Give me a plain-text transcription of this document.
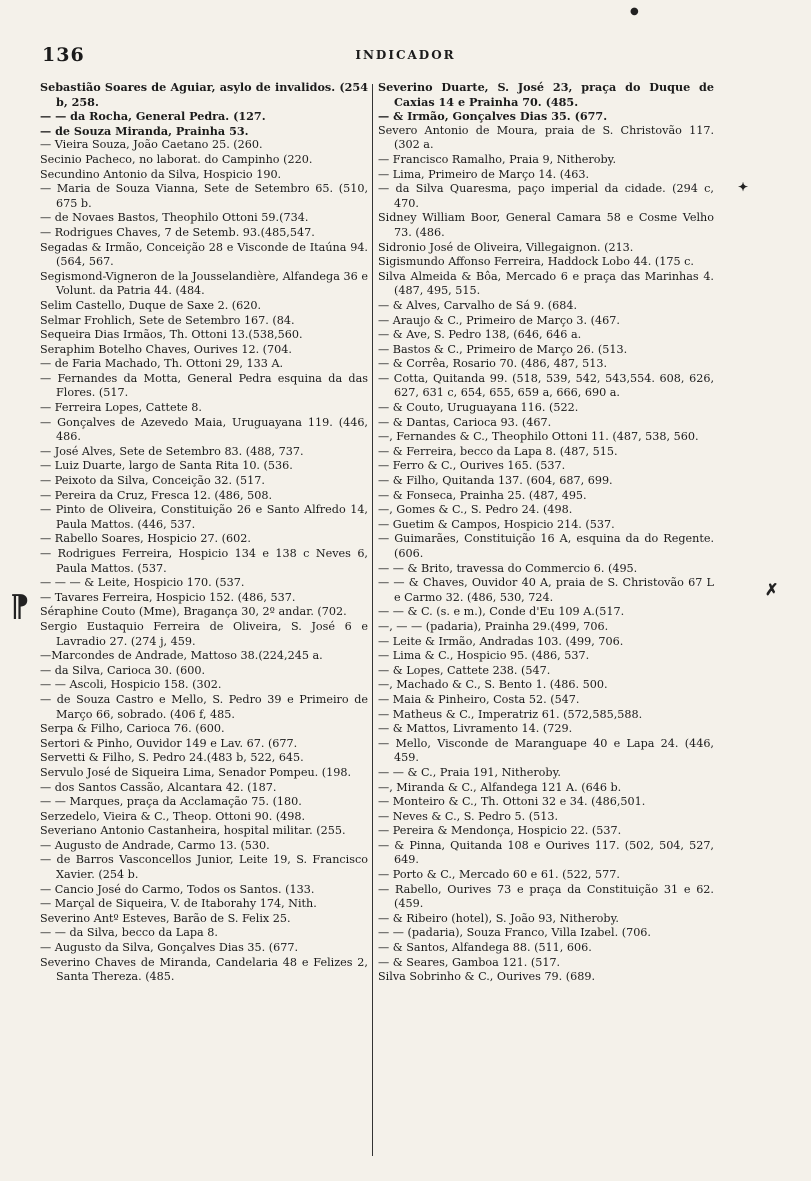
136	INDICADOR
●
✦
✗
⁋

Sebastião Soares de Aguiar, asylo de invalidos. (254 b, 258.

— — da Rocha, General Pedra. (127.

— de Souza Miranda, Prainha 53.

— Vieira Souza, João Caetano 25. (260.

Secinio Pacheco, no laborat. do Campinho (220.

Secundino Antonio da Silva, Hospicio 190.

— Maria de Souza Vianna, Sete de Setembro 65. (510, 675 b.

— de Novaes Bastos, Theophilo Ottoni 59.(734.

— Rodrigues Chaves, 7 de Setemb. 93.(485,547.

Segadas & Irmão, Conceição 28 e Visconde de Itaúna 94. (564, 567.

Segismond-Vigneron de la Jousselandière, Alfandega 36 e Volunt. da Patria 44. (484.

Selim Castello, Duque de Saxe 2. (620.

Selmar Frohlich, Sete de Setembro 167. (84.

Sequeira Dias Irmãos, Th. Ottoni 13.(538,560.

Seraphim Botelho Chaves, Ourives 12. (704.

— de Faria Machado, Th. Ottoni 29, 133 A.

— Fernandes da Motta, General Pedra esquina da das Flores. (517.

— Ferreira Lopes, Cattete 8.

— Gonçalves de Azevedo Maia, Uruguayana 119. (446, 486.

— José Alves, Sete de Setembro 83. (488, 737.

— Luiz Duarte, largo de Santa Rita 10. (536.

— Peixoto da Silva, Conceição 32. (517.

— Pereira da Cruz, Fresca 12. (486, 508.

— Pinto de Oliveira, Constituição 26 e Santo Alfredo 14, Paula Mattos. (446, 537.

— Rabello Soares, Hospicio 27. (602.

— Rodrigues Ferreira, Hospicio 134 e 138 c Neves 6, Paula Mattos. (537.

— — — & Leite, Hospicio 170. (537.

— Tavares Ferreira, Hospicio 152. (486, 537.

Séraphine Couto (Mme), Bragança 30, 2º andar. (702.

Sergio Eustaquio Ferreira de Oliveira, S. José 6 e Lavradio 27. (274 j, 459.

—Marcondes de Andrade, Mattoso 38.(224,245 a.

— da Silva, Carioca 30. (600.

— — Ascoli, Hospicio 158. (302.

— de Souza Castro e Mello, S. Pedro 39 e Primeiro de Março 66, sobrado. (406 f, 485.

Serpa & Filho, Carioca 76. (600.

Sertori & Pinho, Ouvidor 149 e Lav. 67. (677.

Servetti & Filho, S. Pedro 24.(483 b, 522, 645.

Servulo José de Siqueira Lima, Senador Pompeu. (198.

— dos Santos Cassão, Alcantara 42. (187.

— — Marques, praça da Acclamação 75. (180.

Serzedelo, Vieira & C., Theop. Ottoni 90. (498.

Severiano Antonio Castanheira, hospital militar. (255.

— Augusto de Andrade, Carmo 13. (530.

— de Barros Vasconcellos Junior, Leite 19, S. Francisco Xavier. (254 b.

— Cancio José do Carmo, Todos os Santos. (133.

— Marçal de Siqueira, V. de Itaborahy 174, Nith.

Severino Antº Esteves, Barão de S. Felix 25.

— — da Silva, becco da Lapa 8.

— Augusto da Silva, Gonçalves Dias 35. (677.

Severino Chaves de Miranda, Candelaria 48 e Felizes 2, Santa Thereza. (485.

Severino Duarte, S. José 23, praça do Duque de Caxias 14 e Prainha 70. (485.

— & Irmão, Gonçalves Dias 35. (677.

Severo Antonio de Moura, praia de S. Christovão 117. (302 a.

— Francisco Ramalho, Praia 9, Nitheroby.

— Lima, Primeiro de Março 14. (463.

— da Silva Quaresma, paço imperial da cidade. (294 c, 470.

Sidney William Boor, General Camara 58 e Cosme Velho 73. (486.

Sidronio José de Oliveira, Villegaignon. (213.

Sigismundo Affonso Ferreira, Haddock Lobo 44. (175 c.

Silva Almeida & Bôa, Mercado 6 e praça das Marinhas 4. (487, 495, 515.

— & Alves, Carvalho de Sá 9. (684.

— Araujo & C., Primeiro de Março 3. (467.

— & Ave, S. Pedro 138, (646, 646 a.

— Bastos & C., Primeiro de Março 26. (513.

— & Corrêa, Rosario 70. (486, 487, 513.

— Cotta, Quitanda 99. (518, 539, 542, 543,554. 608, 626, 627, 631 c, 654, 655, 659 a, 666, 690 a.

— & Couto, Uruguayana 116. (522.

— & Dantas, Carioca 93. (467.

—, Fernandes & C., Theophilo Ottoni 11. (487, 538, 560.

— & Ferreira, becco da Lapa 8. (487, 515.

— Ferro & C., Ourives 165. (537.

— & Filho, Quitanda 137. (604, 687, 699.

— & Fonseca, Prainha 25. (487, 495.

—, Gomes & C., S. Pedro 24. (498.

— Guetim & Campos, Hospicio 214. (537.

— Guimarães, Constituição 16 A, esquina da do Regente. (606.

— — & Brito, travessa do Commercio 6. (495.

— — & Chaves, Ouvidor 40 A, praia de S. Christovão 67 L e Carmo 32. (486, 530, 724.

— — & C. (s. e m.), Conde d'Eu 109 A.(517.

—, — — (padaria), Prainha 29.(499, 706.

— Leite & Irmão, Andradas 103. (499, 706.

— Lima & C., Hospicio 95. (486, 537.

— & Lopes, Cattete 238. (547.

—, Machado & C., S. Bento 1. (486. 500.

— Maia & Pinheiro, Costa 52. (547.

— Matheus & C., Imperatriz 61. (572,585,588.

— & Mattos, Livramento 14. (729.

— Mello, Visconde de Maranguape 40 e Lapa 24. (446, 459.

— — & C., Praia 191, Nitheroby.

—, Miranda & C., Alfandega 121 A. (646 b.

— Monteiro & C., Th. Ottoni 32 e 34. (486,501.

— Neves & C., S. Pedro 5. (513.

— Pereira & Mendonça, Hospicio 22. (537.

— & Pinna, Quitanda 108 e Ourives 117. (502, 504, 527, 649.

— Porto & C., Mercado 60 e 61. (522, 577.

— Rabello, Ourives 73 e praça da Constituição 31 e 62. (459.

— & Ribeiro (hotel), S. João 93, Nitheroby.

— — (padaria), Souza Franco, Villa Izabel. (706.

— & Santos, Alfandega 88. (511, 606.

— & Seares, Gamboa 121. (517.

Silva Sobrinho & C., Ourives 79. (689.
